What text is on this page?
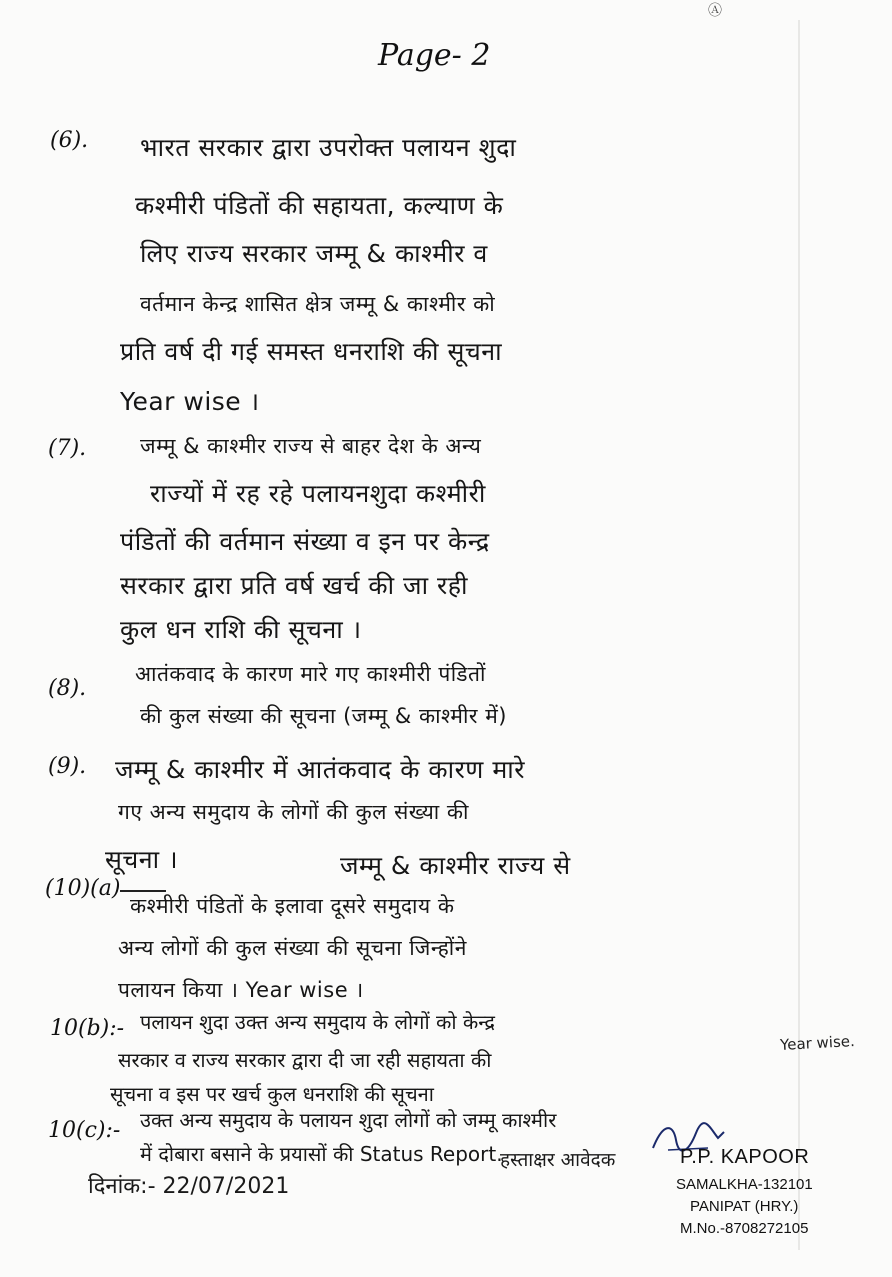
Ⓐ
Page- 2
(6). भारत सरकार द्वारा उपरोक्त पलायन शुदा
कश्मीरी पंडितों की सहायता, कल्याण के
लिए राज्य सरकार जम्मू & काश्मीर व
वर्तमान केन्द्र शासित क्षेत्र जम्मू & काश्मीर को
प्रति वर्ष दी गई समस्त धनराशि की सूचना
Year wise ।
(7).	जम्मू & काश्मीर राज्य से बाहर देश के अन्य
राज्यों में रह रहे पलायनशुदा कश्मीरी
पंडितों की वर्तमान संख्या व इन पर केन्द्र
सरकार द्वारा प्रति वर्ष खर्च की जा रही
कुल धन राशि की सूचना ।
(8).
आतंकवाद के कारण मारे गए काश्मीरी पंडितों
की कुल संख्या की सूचना (जम्मू & काश्मीर में)
(9). जम्मू & काश्मीर में आतंकवाद के कारण मारे
गए अन्य समुदाय के लोगों की कुल संख्या की
सूचना ।
(10)(a)
जम्मू & काश्मीर राज्य से
कश्मीरी पंडितों के इलावा दूसरे समुदाय के
अन्य लोगों की कुल संख्या की सूचना जिन्होंने
पलायन किया । Year wise ।
10(b):- पलायन शुदा उक्त अन्य समुदाय के लोगों को केन्द्र
सरकार व राज्य सरकार द्वारा दी जा रही सहायता की
सूचना व इस पर खर्च कुल धनराशि की सूचना
Year wise.
10(c):- उक्त अन्य समुदाय के पलायन शुदा लोगों को जम्मू काश्मीर
में दोबारा बसाने के प्रयासों की Status Report.
दिनांक:- 22/07/2021
हस्ताक्षर आवेदक	P.P. KAPOOR
SAMALKHA-132101
PANIPAT (HRY.)
M.No.-8708272105
